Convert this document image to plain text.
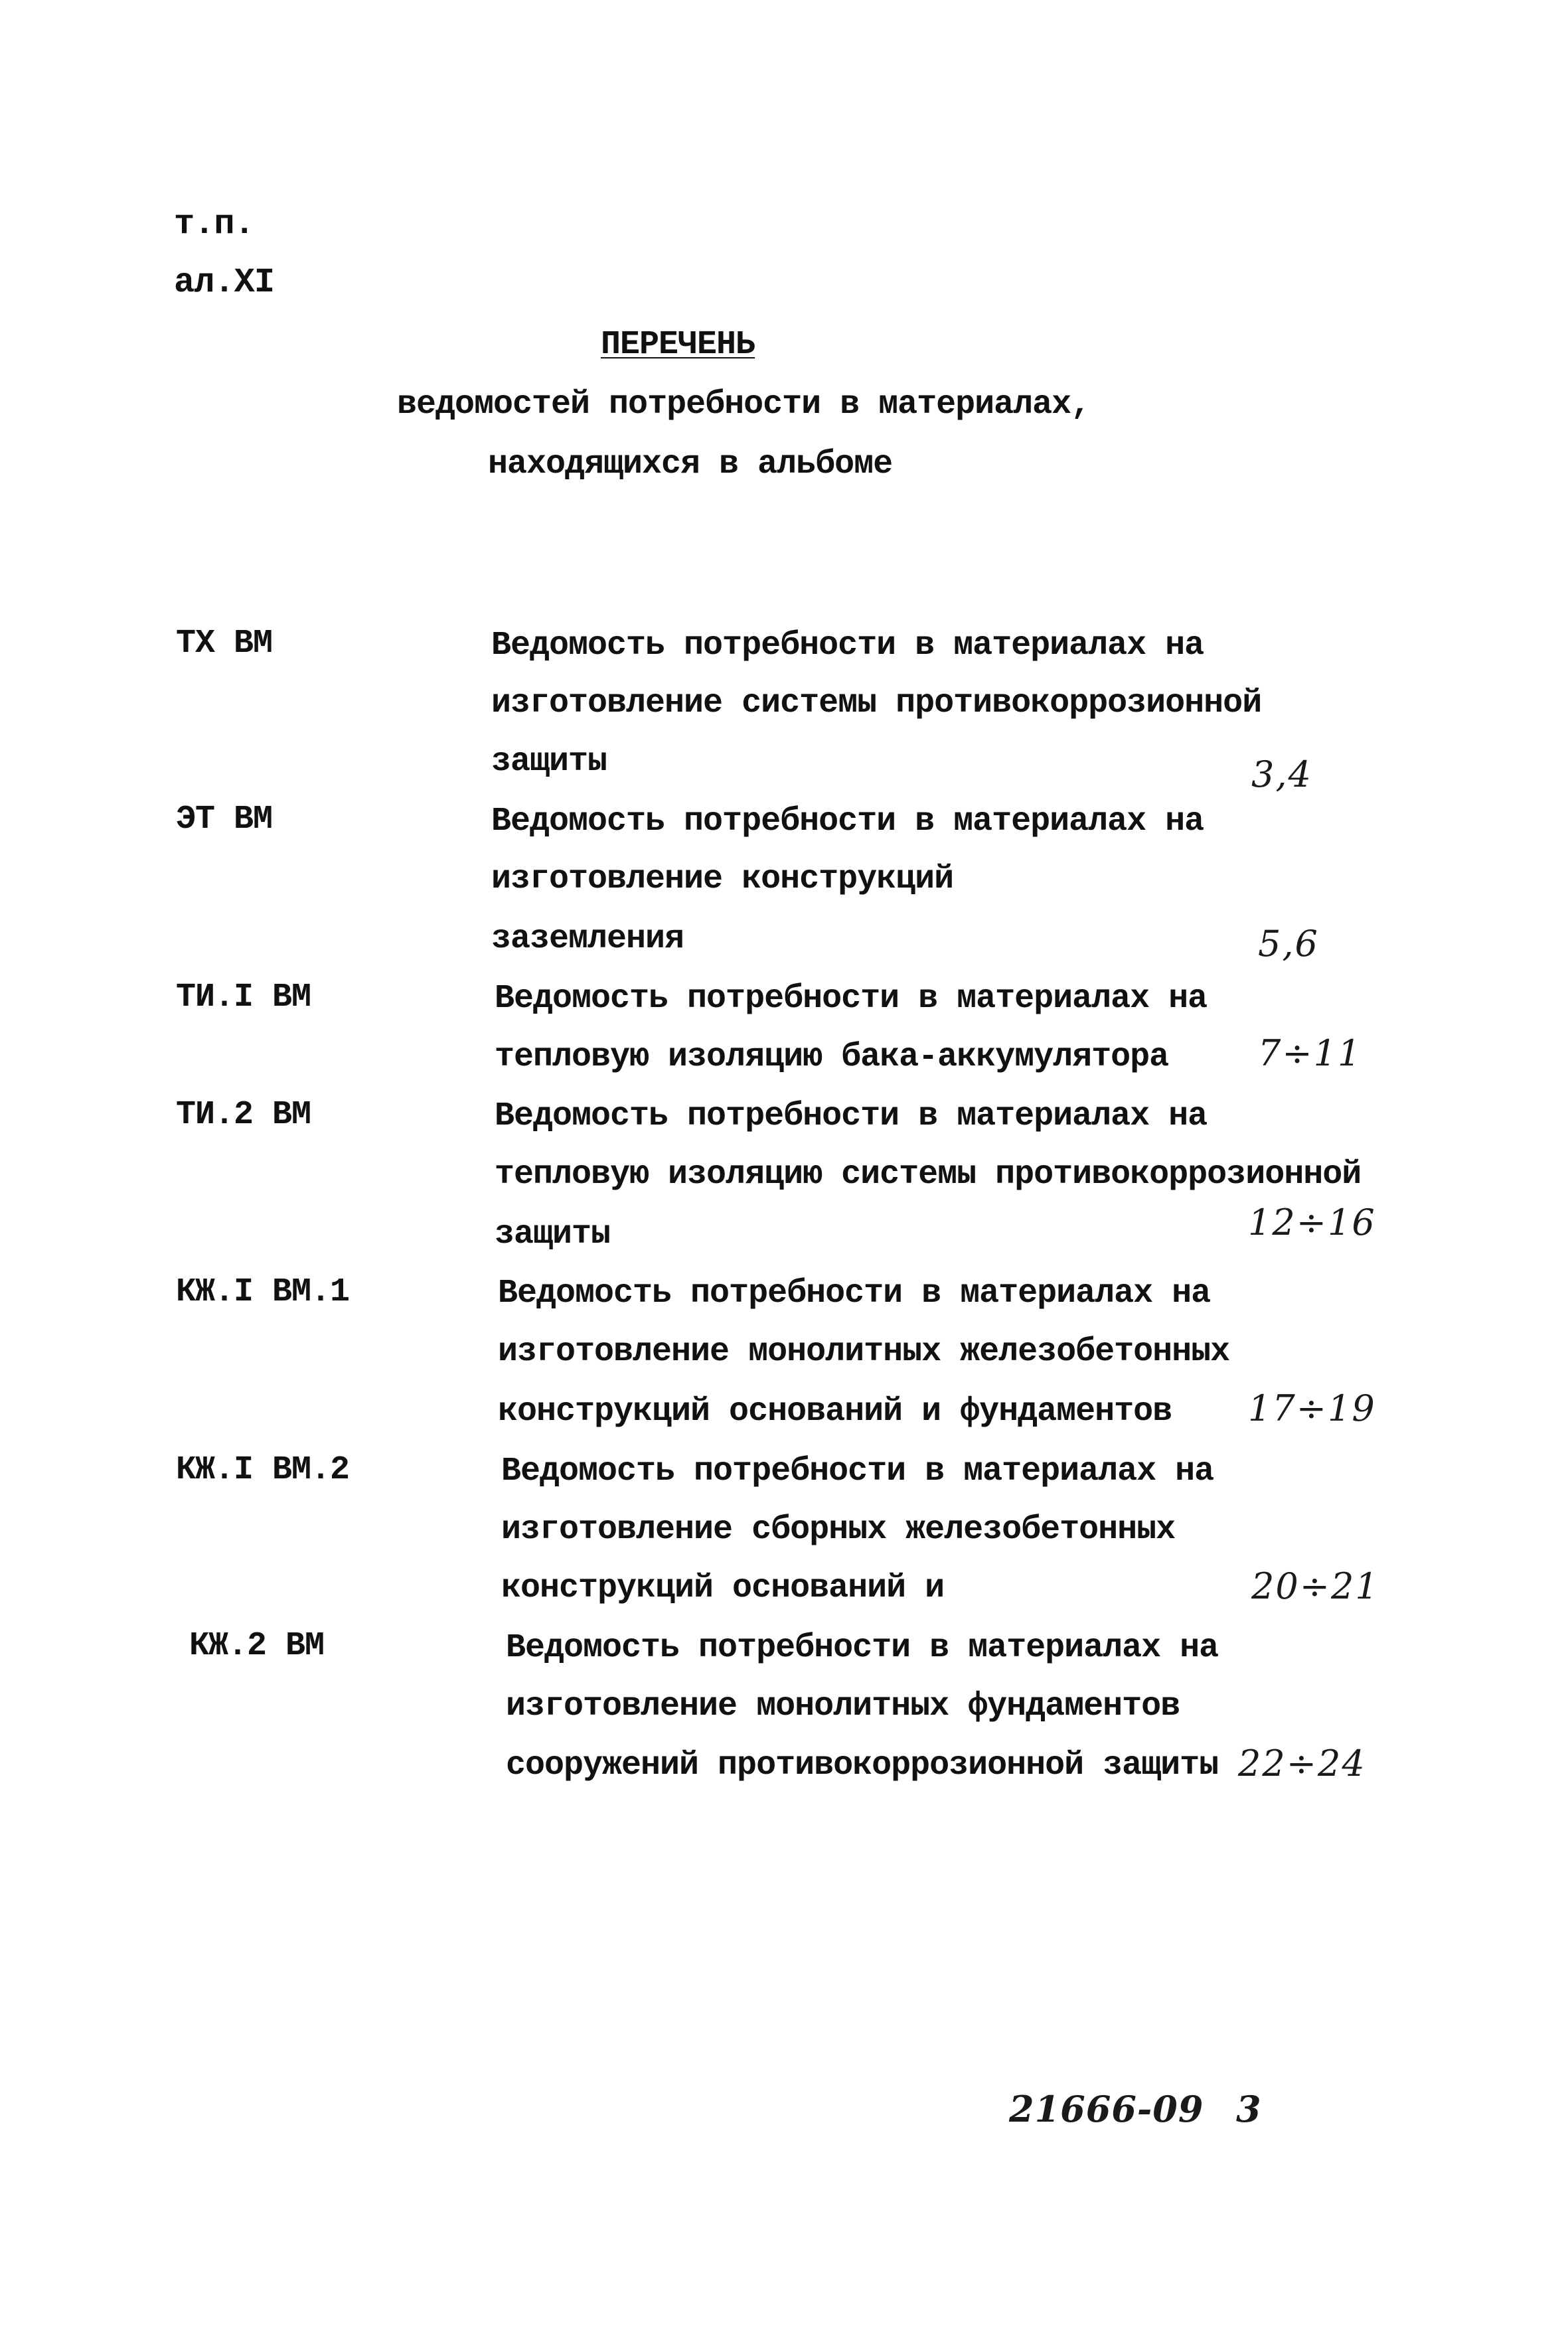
т.п.
ал.XI
ПЕРЕЧЕНЬ
ведомостей потребности в материалах,
находящихся в альбоме
ТХ ВМ	Ведомость потребности в материалах на
изготовление системы противокоррозионной
защиты	3,4
ЭТ ВМ	Ведомость потребности в материалах на
изготовление конструкций
заземления	5,6
ТИ.I ВМ	Ведомость потребности в материалах на
тепловую изоляцию бака-аккумулятора 7÷11
ТИ.2 ВМ	Ведомость потребности в материалах на
тепловую изоляцию системы противокоррозионной
защиты	12÷16
КЖ.I ВМ.1	Ведомость потребности в материалах на
изготовление монолитных железобетонных
конструкций оснований и фундаментов 17÷19
КЖ.I ВМ.2	Ведомость потребности в материалах на
изготовление сборных железобетонных
конструкций оснований и	20÷21
КЖ.2 ВМ	Ведомость потребности в материалах на
изготовление монолитных фундаментов
сооружений противокоррозионной защиты 22÷24
21666-09 3
